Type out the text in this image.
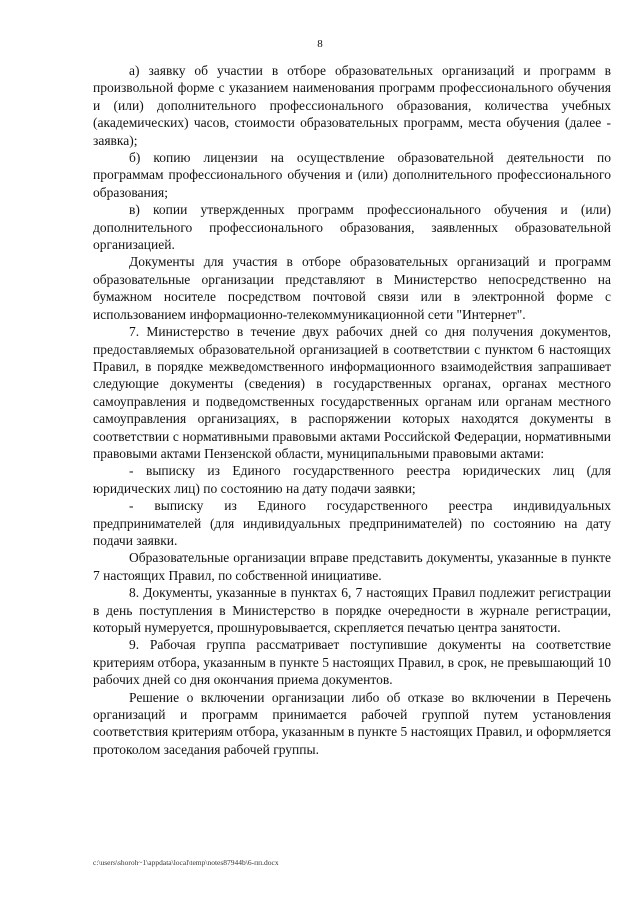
8

а) заявку об участии в отборе образовательных организаций и программ в произвольной форме с указанием наименования программ профессионального обучения и (или) дополнительного профессионального образования, количества учебных (академических) часов, стоимости образовательных программ, места обучения (далее - заявка);

б) копию лицензии на осуществление образовательной деятельности по программам профессионального обучения и (или) дополнительного профессионального образования;

в) копии утвержденных программ профессионального обучения и (или) дополнительного профессионального образования, заявленных образовательной организацией.

Документы для участия в отборе образовательных организаций и программ образовательные организации представляют в Министерство непосредственно на бумажном носителе посредством почтовой связи или в электронной форме с использованием информационно-телекоммуникационной сети "Интернет".

7. Министерство в течение двух рабочих дней со дня получения документов, предоставляемых образовательной организацией в соответствии с пунктом 6 настоящих Правил, в порядке межведомственного информационного взаимодействия запрашивает следующие документы (сведения) в государственных органах, органах местного самоуправления и подведомственных государственных органам или органам местного самоуправления организациях, в распоряжении которых находятся документы в соответствии с нормативными правовыми актами Российской Федерации, нормативными правовыми актами Пензенской области, муниципальными правовыми актами:

- выписку из Единого государственного реестра юридических лиц (для юридических лиц) по состоянию на дату подачи заявки;

- выписку из Единого государственного реестра индивидуальных предпринимателей (для индивидуальных предпринимателей) по состоянию на дату подачи заявки.

Образовательные организации вправе представить документы, указанные в пункте 7 настоящих Правил, по собственной инициативе.

8. Документы, указанные в пунктах 6, 7 настоящих Правил подлежит регистрации в день поступления в Министерство в порядке очередности в журнале регистрации, который нумеруется, прошнуровывается, скрепляется печатью центра занятости.

9. Рабочая группа рассматривает поступившие документы на соответствие критериям отбора, указанным в пункте 5 настоящих Правил, в срок, не превышающий 10 рабочих дней со дня окончания приема документов.

Решение о включении организации либо об отказе во включении в Перечень организаций и программ принимается рабочей группой путем установления соответствия критериям отбора, указанным в пункте 5 настоящих Правил, и оформляется протоколом заседания рабочей группы.

c:\users\shoroh~1\appdata\local\temp\notes87944b\6-пп.docx
